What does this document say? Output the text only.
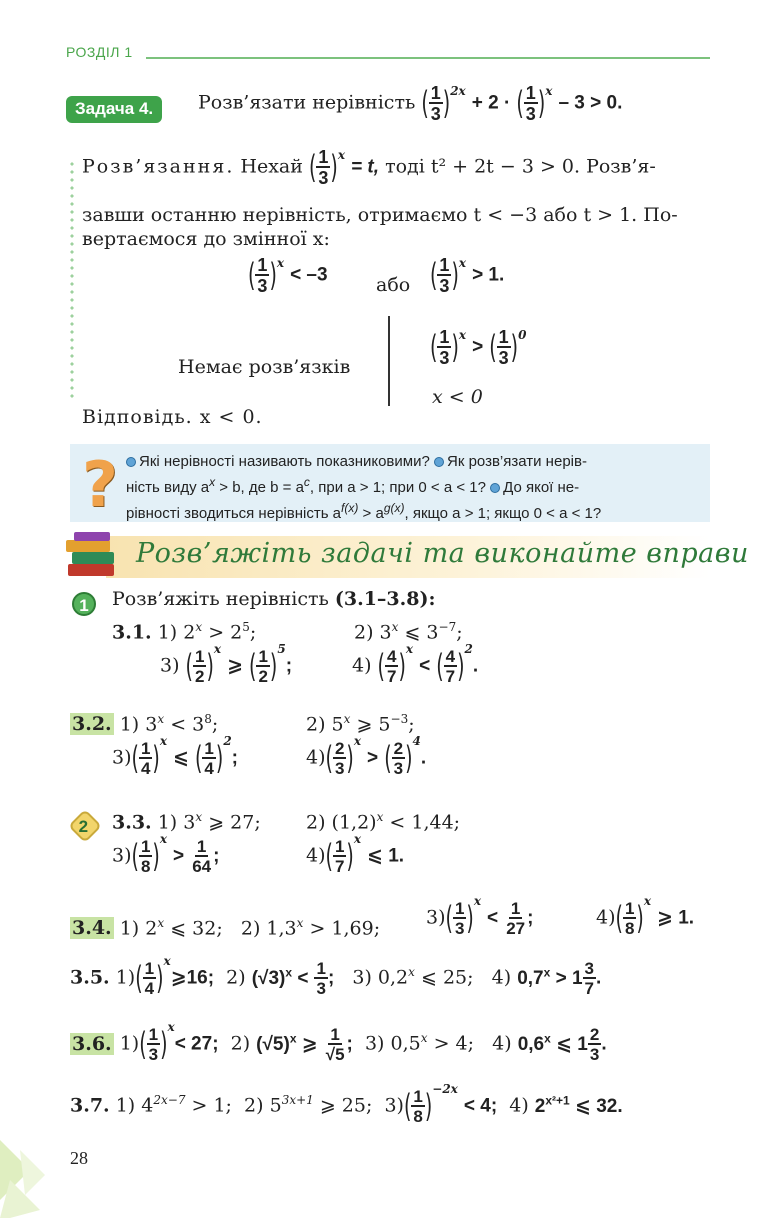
РОЗДІЛ 1
Задача 4.	Розв’язати нерівність ( $\frac{1}{3}$ ) 2x
+ 2 · ( $\frac{1}{3}$ ) x
– 3 > 0.
Розв’язання. Нехай ( $\frac{1}{3}$ ) x
= t, тоді t² + 2t − 3 > 0. Розв’я-
завши останню нерівність, отримаємо t < −3 або t > 1. По-
вертаємося до змінної x:
( $\frac{1}{3}$ ) x
< –3	або ( $\frac{1}{3}$ ) x
> 1.
Немає розв’язків
( $\frac{1}{3}$ ) x
> ( $\frac{1}{3}$ ) 0
x < 0
Відповідь. x < 0.
?	Які нерівності називають показниковими? Як розв’язати нерів-
ність виду $a^x > b$, де $b = a^c$, при a > 1; при 0 < a < 1? До якої не-
рівності зводиться нерівність $a^{f(x)} > a^{g(x)}$, якщо a > 1; якщо 0 < a < 1?
Розв’яжіть задачі та виконайте вправи
1	Розв’яжіть нерівність (3.1–3.8):
3.1. 1) $2^x > 2^5$;	2) 3$^x$ ⩽ $3^{-7}$;
3) ( $\frac{1}{2}$ ) x
⩾ ( $\frac{1}{2}$ ) 5
;	4) ( $\frac{4}{7}$ ) x
< ( $\frac{4}{7}$ ) 2
.
3.2. 1) $3^x < 3^8$;	2) 5$^x$ ⩾ $5^{-3}$;
3) ( $\frac{1}{4}$ ) x
⩽ ( $\frac{1}{4}$ ) 2
;	4) ( $\frac{2}{3}$ ) x
> ( $\frac{2}{3}$ ) 4
.
2	3.3. 1) 3$^x$ ⩾ 27; 2) $(1,2)^x < 1,44$;
3) ( $\frac{1}{8}$ ) x
> $\frac{1}{64}$ ;	4) ( $\frac{1}{7}$ ) x
⩽ 1.
3.4. 1) 2$^x$ ⩽ 32; 2) $1,3^x > 1,69$; 3) ( $\frac{1}{3}$ ) x
< $\frac{1}{27}$ ;	4) ( $\frac{1}{8}$ ) x
⩾ 1.
3.5. 1) ( $\frac{1}{4}$ ) x
⩾16;  2) $(√3)^x < \frac{1}{3}$ ; 3) 0,2$^x$ ⩽ 25;   4) $0,7^x > 1 \frac{3}{7}$ .
3.6. 1) ( $\frac{1}{3}$ ) x
< 27;  2) $(√5)^x$ ⩾ $\frac{1}{√5}$ ; 3) $0,5^x > 4$;   4) 0,6$^x$ ⩽ $1 \frac{2}{3}$ .
3.7. 1) $4^{2x-7} > 1$; 2) $5^{3x+1}$ ⩾ 25;  3) ( $\frac{1}{8}$ ) −2x
< 4;  4) $2^{x^2+1}$ ⩽ 32.
28
